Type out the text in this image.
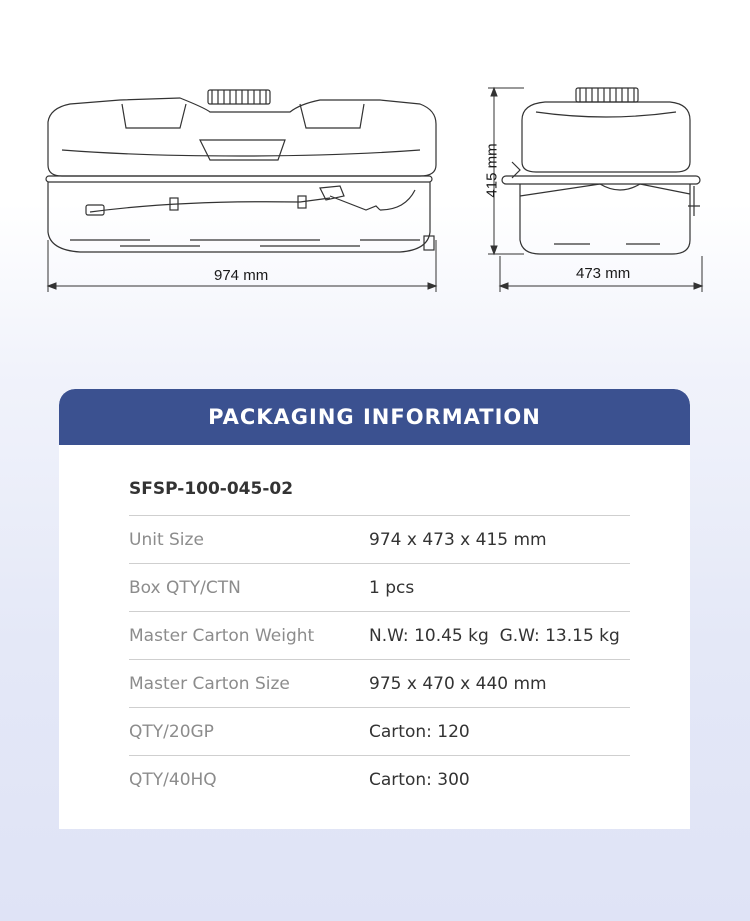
974 mm	473 mm
415 mm
PACKAGING INFORMATION
SFSP-100-045-02
Unit Size	974 x 473 x 415 mm
Box QTY/CTN	1 pcs
Master Carton Weight	N.W: 10.45 kg  G.W: 13.15 kg
Master Carton Size	975 x 470 x 440 mm
QTY/20GP	Carton: 120
QTY/40HQ	Carton: 300
